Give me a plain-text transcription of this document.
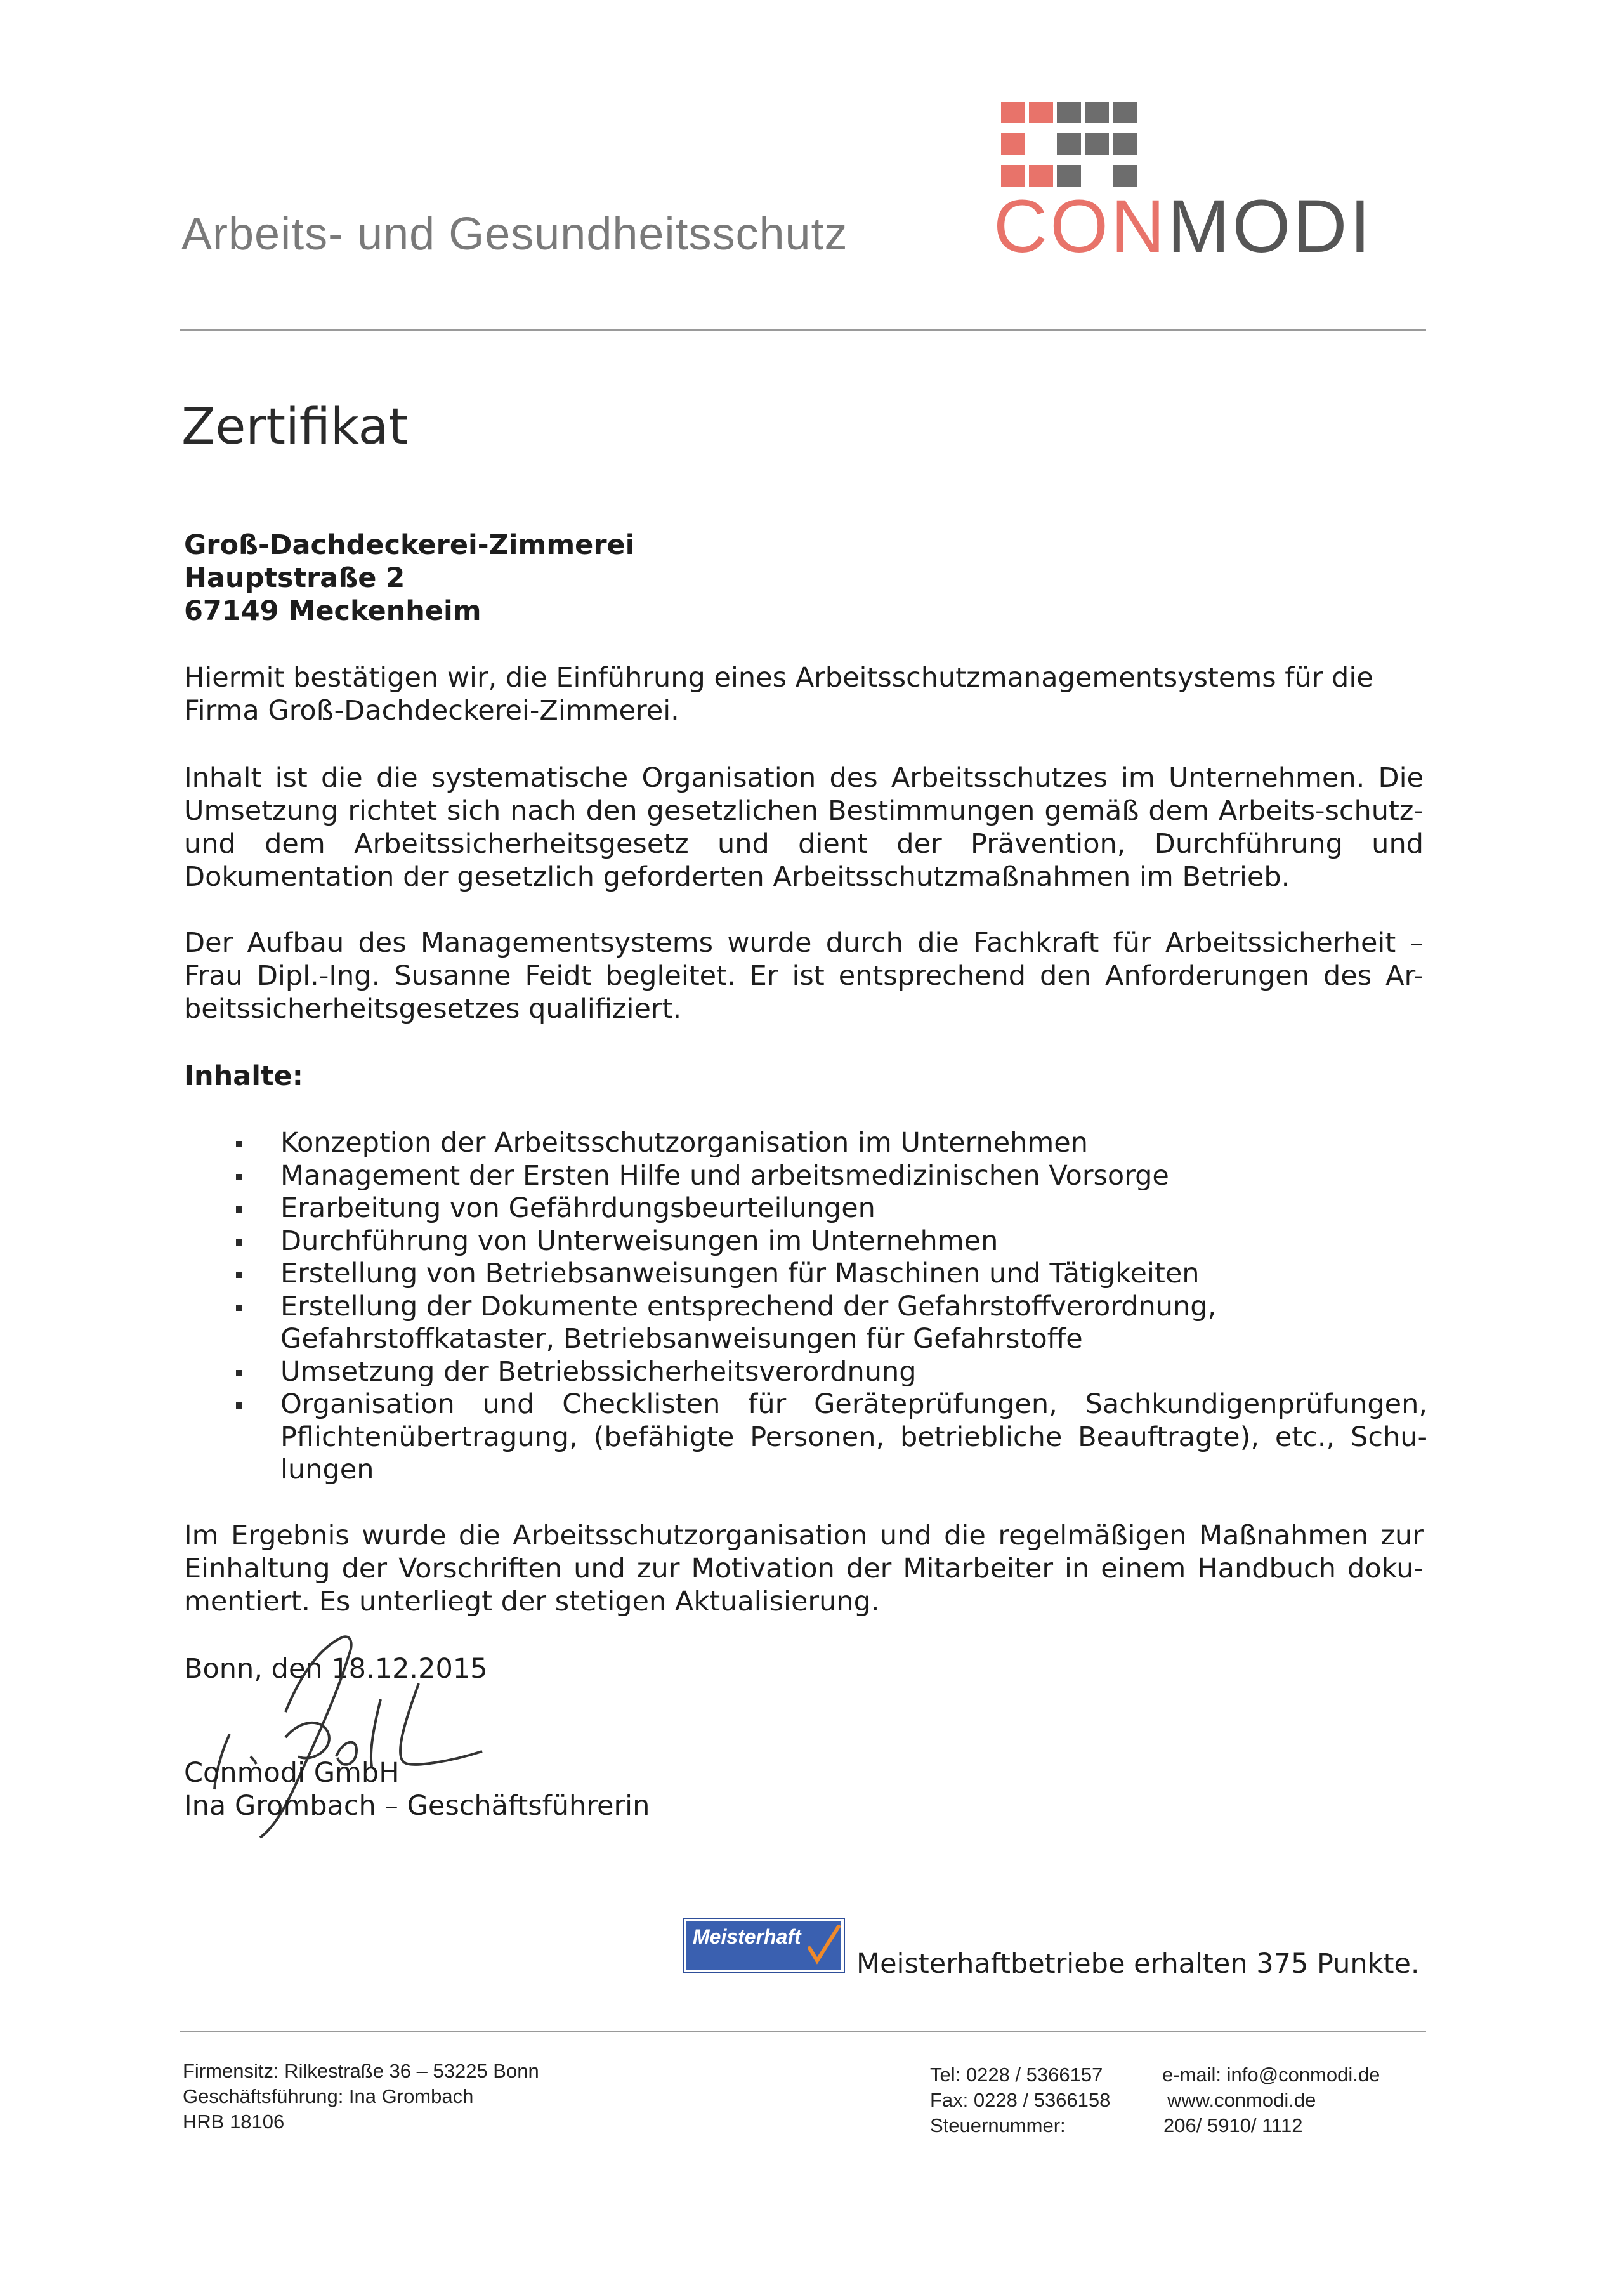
Arbeits- und Gesundheitsschutz CONMODI
Zertifikat

Groß-Dachdeckerei-Zimmerei

Hauptstraße 2

67149 Meckenheim

Hiermit bestätigen wir, die Einführung eines Arbeitsschutzmanagementsystems für die Firma Groß-Dachdeckerei-Zimmerei.

Inhalt ist die die systematische Organisation des Arbeitsschutzes im Unternehmen. Die Umsetzung richtet sich nach den gesetzlichen Bestimmungen gemäß dem Arbeits-schutz- und dem Arbeitssicherheitsgesetz und dient der Prävention, Durchführung und Dokumentation der gesetzlich geforderten Arbeitsschutzmaßnahmen im Betrieb.

Der Aufbau des Managementsystems wurde durch die Fachkraft für Arbeitssicherheit – Frau Dipl.-Ing. Susanne Feidt begleitet. Er ist entsprechend den Anforderungen des Ar-beitssicherheitsgesetzes qualifiziert.

Inhalte:
Konzeption der Arbeitsschutzorganisation im Unternehmen
Management der Ersten Hilfe und arbeitsmedizinischen Vorsorge
Erarbeitung von Gefährdungsbeurteilungen
Durchführung von Unterweisungen im Unternehmen
Erstellung von Betriebsanweisungen für Maschinen und Tätigkeiten
Erstellung der Dokumente entsprechend der Gefahrstoffverordnung, Gefahrstoffkataster, Betriebsanweisungen für Gefahrstoffe
Umsetzung der Betriebssicherheitsverordnung
Organisation und Checklisten für Geräteprüfungen, Sachkundigenprüfungen, Pflichtenübertragung, (befähigte Personen, betriebliche Beauftragte), etc., Schu-lungen

Im Ergebnis wurde die Arbeitsschutzorganisation und die regelmäßigen Maßnahmen zur Einhaltung der Vorschriften und zur Motivation der Mitarbeiter in einem Handbuch doku-mentiert. Es unterliegt der stetigen Aktualisierung.

Bonn, den 18.12.2015
Conmodi GmbH
Ina Grombach – Geschäftsführerin
Meisterhaft
Meisterhaftbetriebe erhalten 375 Punkte.
Firmensitz: Rilkestraße 36 – 53225 Bonn
Geschäftsführung: Ina Grombach
HRB 18106
Tel: 0228 / 5366157
Fax: 0228 / 5366158
Steuernummer:
e-mail: info@conmodi.de
www.conmodi.de
206/ 5910/ 1112
